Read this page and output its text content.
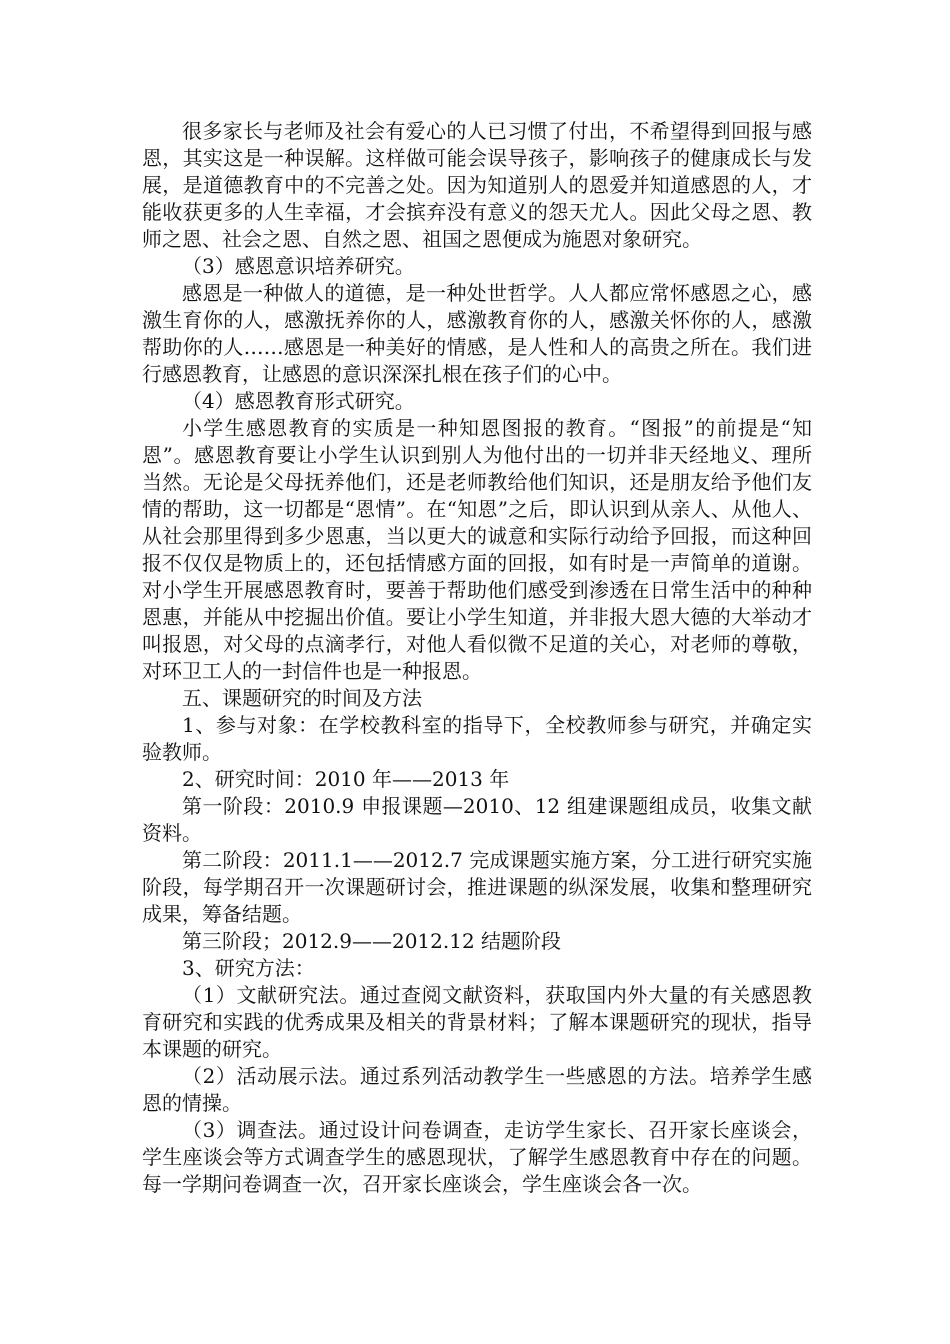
很多家长与老师及社会有爱心的人已习惯了付出，不希望得到回报与感恩，其实这是一种误解。这样做可能会误导孩子，影响孩子的健康成长与发展，是道德教育中的不完善之处。因为知道别人的恩爱并知道感恩的人，才能收获更多的人生幸福，才会摈弃没有意义的怨天尤人。因此父母之恩、教师之恩、社会之恩、自然之恩、祖国之恩便成为施恩对象研究。

（3）感恩意识培养研究。

感恩是一种做人的道德，是一种处世哲学。人人都应常怀感恩之心，感激生育你的人，感激抚养你的人，感激教育你的人，感激关怀你的人，感激帮助你的人……感恩是一种美好的情感，是人性和人的高贵之所在。我们进行感恩教育，让感恩的意识深深扎根在孩子们的心中。

（4）感恩教育形式研究。

小学生感恩教育的实质是一种知恩图报的教育。“图报”的前提是“知恩”。感恩教育要让小学生认识到别人为他付出的一切并非天经地义、理所当然。无论是父母抚养他们，还是老师教给他们知识，还是朋友给予他们友情的帮助，这一切都是“恩情”。在“知恩”之后，即认识到从亲人、从他人、从社会那里得到多少恩惠，当以更大的诚意和实际行动给予回报，而这种回报不仅仅是物质上的，还包括情感方面的回报，如有时是一声简单的道谢。对小学生开展感恩教育时，要善于帮助他们感受到渗透在日常生活中的种种恩惠，并能从中挖掘出价值。要让小学生知道，并非报大恩大德的大举动才叫报恩，对父母的点滴孝行，对他人看似微不足道的关心，对老师的尊敬，对环卫工人的一封信件也是一种报恩。

五、课题研究的时间及方法

1、参与对象：在学校教科室的指导下，全校教师参与研究，并确定实验教师。

2、研究时间：2010 年——2013 年

第一阶段：2010.9 申报课题—2010、12 组建课题组成员，收集文献资料。

第二阶段：2011.1——2012.7 完成课题实施方案，分工进行研究实施阶段，每学期召开一次课题研讨会，推进课题的纵深发展，收集和整理研究成果，筹备结题。

第三阶段；2012.9——2012.12 结题阶段

3、研究方法：

（1）文献研究法。通过查阅文献资料，获取国内外大量的有关感恩教育研究和实践的优秀成果及相关的背景材料；了解本课题研究的现状，指导本课题的研究。

（2）活动展示法。通过系列活动教学生一些感恩的方法。培养学生感恩的情操。

（3）调查法。通过设计问卷调查，走访学生家长、召开家长座谈会，学生座谈会等方式调查学生的感恩现状，了解学生感恩教育中存在的问题。每一学期问卷调查一次，召开家长座谈会，学生座谈会各一次。
